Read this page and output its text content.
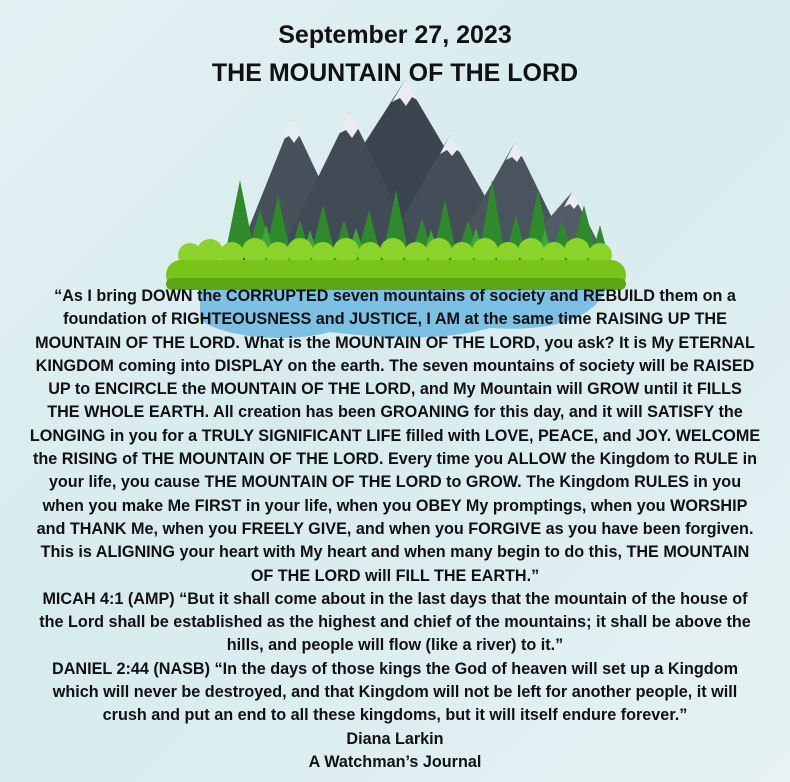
September 27, 2023
THE MOUNTAIN OF THE LORD

“As I bring DOWN the CORRUPTED seven mountains of society and REBUILD them on a

foundation of RIGHTEOUSNESS and JUSTICE, I AM at the same time RAISING UP THE

MOUNTAIN OF THE LORD. What is the MOUNTAIN OF THE LORD, you ask? It is My ETERNAL

KINGDOM coming into DISPLAY on the earth. The seven mountains of society will be RAISED

UP to ENCIRCLE the MOUNTAIN OF THE LORD, and My Mountain will GROW until it FILLS

THE WHOLE EARTH. All creation has been GROANING for this day, and it will SATISFY the

LONGING in you for a TRULY SIGNIFICANT LIFE filled with LOVE, PEACE, and JOY. WELCOME

the RISING of THE MOUNTAIN OF THE LORD. Every time you ALLOW the Kingdom to RULE in

your life, you cause THE MOUNTAIN OF THE LORD to GROW. The Kingdom RULES in you

when you make Me FIRST in your life, when you OBEY My promptings, when you WORSHIP

and THANK Me, when you FREELY GIVE, and when you FORGIVE as you have been forgiven.

This is ALIGNING your heart with My heart and when many begin to do this, THE MOUNTAIN

OF THE LORD will FILL THE EARTH.”

MICAH 4:1 (AMP) “But it shall come about in the last days that the mountain of the house of

the Lord shall be established as the highest and chief of the mountains; it shall be above the

hills, and people will flow (like a river) to it.”

DANIEL 2:44 (NASB) “In the days of those kings the God of heaven will set up a Kingdom

which will never be destroyed, and that Kingdom will not be left for another people, it will

crush and put an end to all these kingdoms, but it will itself endure forever.”

Diana Larkin

A Watchman’s Journal
